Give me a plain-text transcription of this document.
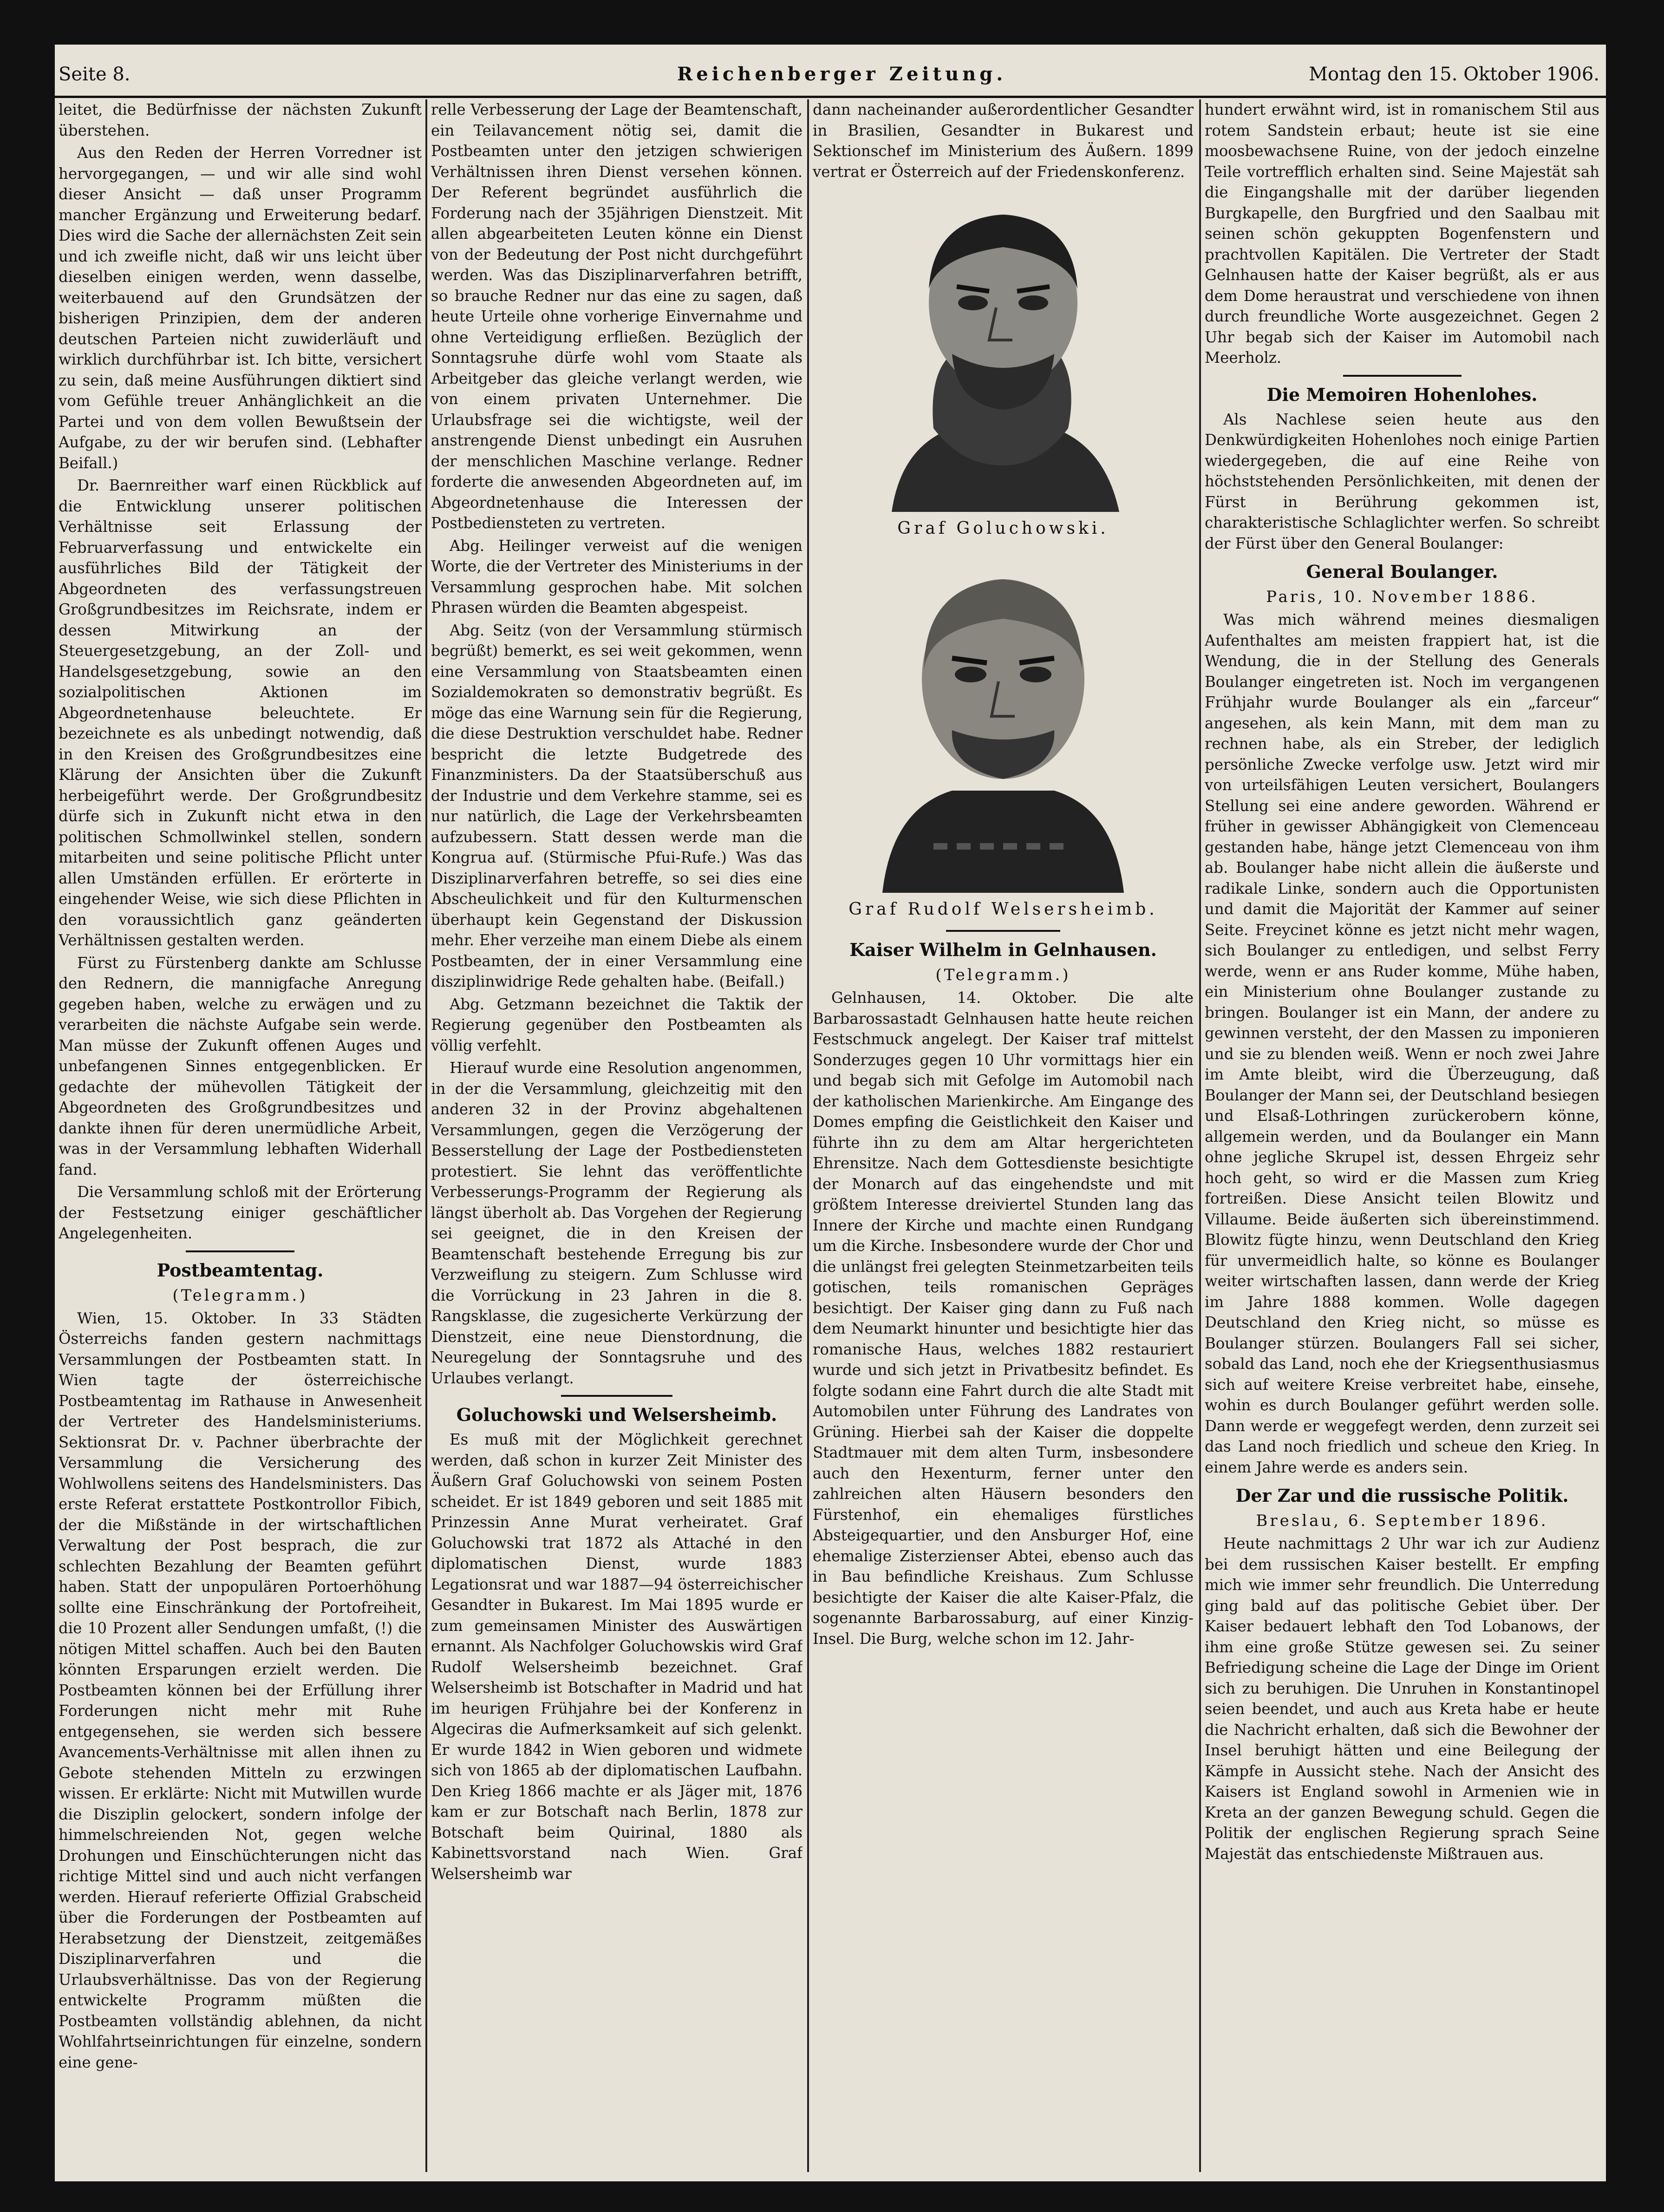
Seite 8.	Reichenberger Zeitung.	Montag den 15. Oktober 1906.

leitet, die Bedürfnisse der nächsten Zukunft überstehen.

Aus den Reden der Herren Vorredner ist hervorgegangen, — und wir alle sind wohl dieser Ansicht — daß unser Programm mancher Ergänzung und Erweiterung bedarf. Dies wird die Sache der allernächsten Zeit sein und ich zweifle nicht, daß wir uns leicht über dieselben einigen werden, wenn dasselbe, weiterbauend auf den Grundsätzen der bisherigen Prinzipien, dem der anderen deutschen Parteien nicht zuwiderläuft und wirklich durchführbar ist. Ich bitte, versichert zu sein, daß meine Ausführungen diktiert sind vom Gefühle treuer Anhänglichkeit an die Partei und von dem vollen Bewußtsein der Aufgabe, zu der wir berufen sind. (Lebhafter Beifall.)

Dr. Baernreither warf einen Rückblick auf die Entwicklung unserer politischen Verhältnisse seit Erlassung der Februarverfassung und entwickelte ein ausführliches Bild der Tätigkeit der Abgeordneten des verfassungstreuen Großgrundbesitzes im Reichsrate, indem er dessen Mitwirkung an der Steuergesetzgebung, an der Zoll- und Handelsgesetzgebung, sowie an den sozialpolitischen Aktionen im Abgeordnetenhause beleuchtete. Er bezeichnete es als unbedingt notwendig, daß in den Kreisen des Großgrundbesitzes eine Klärung der Ansichten über die Zukunft herbeigeführt werde. Der Großgrundbesitz dürfe sich in Zukunft nicht etwa in den politischen Schmollwinkel stellen, sondern mitarbeiten und seine politische Pflicht unter allen Umständen erfüllen. Er erörterte in eingehender Weise, wie sich diese Pflichten in den voraussichtlich ganz geänderten Verhältnissen gestalten werden.

Fürst zu Fürstenberg dankte am Schlusse den Rednern, die mannigfache Anregung gegeben haben, welche zu erwägen und zu verarbeiten die nächste Aufgabe sein werde. Man müsse der Zukunft offenen Auges und unbefangenen Sinnes entgegenblicken. Er gedachte der mühevollen Tätigkeit der Abgeordneten des Großgrundbesitzes und dankte ihnen für deren unermüdliche Arbeit, was in der Versammlung lebhaften Widerhall fand.

Die Versammlung schloß mit der Erörterung der Festsetzung einiger geschäftlicher Angelegenheiten.

Postbeamtentag.
(Telegramm.)

Wien, 15. Oktober. In 33 Städten Österreichs fanden gestern nachmittags Versammlungen der Postbeamten statt. In Wien tagte der österreichische Postbeamtentag im Rathause in Anwesenheit der Vertreter des Handelsministeriums. Sektionsrat Dr. v. Pachner überbrachte der Versammlung die Versicherung des Wohlwollens seitens des Handelsministers. Das erste Referat erstattete Postkontrollor Fibich, der die Mißstände in der wirtschaftlichen Verwaltung der Post besprach, die zur schlechten Bezahlung der Beamten geführt haben. Statt der unpopulären Portoerhöhung sollte eine Einschränkung der Portofreiheit, die 10 Prozent aller Sendungen umfaßt, (!) die nötigen Mittel schaffen. Auch bei den Bauten könnten Ersparungen erzielt werden. Die Postbeamten können bei der Erfüllung ihrer Forderungen nicht mehr mit Ruhe entgegensehen, sie werden sich bessere Avancements-Verhältnisse mit allen ihnen zu Gebote stehenden Mitteln zu erzwingen wissen. Er erklärte: Nicht mit Mutwillen wurde die Disziplin gelockert, sondern infolge der himmelschreienden Not, gegen welche Drohungen und Einschüchterungen nicht das richtige Mittel sind und auch nicht verfangen werden. Hierauf referierte Offizial Grabscheid über die Forderungen der Postbeamten auf Herabsetzung der Dienstzeit, zeitgemäßes Disziplinarverfahren und die Urlaubsverhältnisse. Das von der Regierung entwickelte Programm müßten die Postbeamten vollständig ablehnen, da nicht Wohlfahrtseinrichtungen für einzelne, sondern eine gene-

relle Verbesserung der Lage der Beamtenschaft, ein Teilavancement nötig sei, damit die Postbeamten unter den jetzigen schwierigen Verhältnissen ihren Dienst versehen können. Der Referent begründet ausführlich die Forderung nach der 35jährigen Dienstzeit. Mit allen abgearbeiteten Leuten könne ein Dienst von der Bedeutung der Post nicht durchgeführt werden. Was das Disziplinarverfahren betrifft, so brauche Redner nur das eine zu sagen, daß heute Urteile ohne vorherige Einvernahme und ohne Verteidigung erfließen. Bezüglich der Sonntagsruhe dürfe wohl vom Staate als Arbeitgeber das gleiche verlangt werden, wie von einem privaten Unternehmer. Die Urlaubsfrage sei die wichtigste, weil der anstrengende Dienst unbedingt ein Ausruhen der menschlichen Maschine verlange. Redner forderte die anwesenden Abgeordneten auf, im Abgeordnetenhause die Interessen der Postbediensteten zu vertreten.

Abg. Heilinger verweist auf die wenigen Worte, die der Vertreter des Ministeriums in der Versammlung gesprochen habe. Mit solchen Phrasen würden die Beamten abgespeist.

Abg. Seitz (von der Versammlung stürmisch begrüßt) bemerkt, es sei weit gekommen, wenn eine Versammlung von Staatsbeamten einen Sozialdemokraten so demonstrativ begrüßt. Es möge das eine Warnung sein für die Regierung, die diese Destruktion verschuldet habe. Redner bespricht die letzte Budgetrede des Finanzministers. Da der Staatsüberschuß aus der Industrie und dem Verkehre stamme, sei es nur natürlich, die Lage der Verkehrsbeamten aufzubessern. Statt dessen werde man die Kongrua auf. (Stürmische Pfui-Rufe.) Was das Disziplinarverfahren betreffe, so sei dies eine Abscheulichkeit und für den Kulturmenschen überhaupt kein Gegenstand der Diskussion mehr. Eher verzeihe man einem Diebe als einem Postbeamten, der in einer Versammlung eine disziplinwidrige Rede gehalten habe. (Beifall.)

Abg. Getzmann bezeichnet die Taktik der Regierung gegenüber den Postbeamten als völlig verfehlt.

Hierauf wurde eine Resolution angenommen, in der die Versammlung, gleichzeitig mit den anderen 32 in der Provinz abgehaltenen Versammlungen, gegen die Verzögerung der Besserstellung der Lage der Postbediensteten protestiert. Sie lehnt das veröffentlichte Verbesserungs-Programm der Regierung als längst überholt ab. Das Vorgehen der Regierung sei geeignet, die in den Kreisen der Beamtenschaft bestehende Erregung bis zur Verzweiflung zu steigern. Zum Schlusse wird die Vorrückung in 23 Jahren in die 8. Rangsklasse, die zugesicherte Verkürzung der Dienstzeit, eine neue Dienstordnung, die Neuregelung der Sonntagsruhe und des Urlaubes verlangt.

Goluchowski und Welsersheimb.

Es muß mit der Möglichkeit gerechnet werden, daß schon in kurzer Zeit Minister des Äußern Graf Goluchowski von seinem Posten scheidet. Er ist 1849 geboren und seit 1885 mit Prinzessin Anne Murat verheiratet. Graf Goluchowski trat 1872 als Attaché in den diplomatischen Dienst, wurde 1883 Legationsrat und war 1887—94 österreichischer Gesandter in Bukarest. Im Mai 1895 wurde er zum gemeinsamen Minister des Auswärtigen ernannt. Als Nachfolger Goluchowskis wird Graf Rudolf Welsersheimb bezeichnet. Graf Welsersheimb ist Botschafter in Madrid und hat im heurigen Frühjahre bei der Konferenz in Algeciras die Aufmerksamkeit auf sich gelenkt. Er wurde 1842 in Wien geboren und widmete sich von 1865 ab der diplomatischen Laufbahn. Den Krieg 1866 machte er als Jäger mit, 1876 kam er zur Botschaft nach Berlin, 1878 zur Botschaft beim Quirinal, 1880 als Kabinettsvorstand nach Wien. Graf Welsersheimb war

dann nacheinander außerordentlicher Gesandter in Brasilien, Gesandter in Bukarest und Sektionschef im Ministerium des Äußern. 1899 vertrat er Österreich auf der Friedenskonferenz.

Graf Goluchowski.
Graf Rudolf Welsersheimb.
Kaiser Wilhelm in Gelnhausen.
(Telegramm.)

Gelnhausen, 14. Oktober. Die alte Barbarossastadt Gelnhausen hatte heute reichen Festschmuck angelegt. Der Kaiser traf mittelst Sonderzuges gegen 10 Uhr vormittags hier ein und begab sich mit Gefolge im Automobil nach der katholischen Marienkirche. Am Eingange des Domes empfing die Geistlichkeit den Kaiser und führte ihn zu dem am Altar hergerichteten Ehrensitze. Nach dem Gottesdienste besichtigte der Monarch auf das eingehendste und mit größtem Interesse dreiviertel Stunden lang das Innere der Kirche und machte einen Rundgang um die Kirche. Insbesondere wurde der Chor und die unlängst frei gelegten Steinmetzarbeiten teils gotischen, teils romanischen Gepräges besichtigt. Der Kaiser ging dann zu Fuß nach dem Neumarkt hinunter und besichtigte hier das romanische Haus, welches 1882 restauriert wurde und sich jetzt in Privatbesitz befindet. Es folgte sodann eine Fahrt durch die alte Stadt mit Automobilen unter Führung des Landrates von Grüning. Hierbei sah der Kaiser die doppelte Stadtmauer mit dem alten Turm, insbesondere auch den Hexenturm, ferner unter den zahlreichen alten Häusern besonders den Fürstenhof, ein ehemaliges fürstliches Absteigequartier, und den Ansburger Hof, eine ehemalige Zisterzienser Abtei, ebenso auch das in Bau befindliche Kreishaus. Zum Schlusse besichtigte der Kaiser die alte Kaiser-Pfalz, die sogenannte Barbarossaburg, auf einer Kinzig-Insel. Die Burg, welche schon im 12. Jahr-

hundert erwähnt wird, ist in romanischem Stil aus rotem Sandstein erbaut; heute ist sie eine moosbewachsene Ruine, von der jedoch einzelne Teile vortrefflich erhalten sind. Seine Majestät sah die Eingangshalle mit der darüber liegenden Burgkapelle, den Burgfried und den Saalbau mit seinen schön gekuppten Bogenfenstern und prachtvollen Kapitälen. Die Vertreter der Stadt Gelnhausen hatte der Kaiser begrüßt, als er aus dem Dome heraustrat und verschiedene von ihnen durch freundliche Worte ausgezeichnet. Gegen 2 Uhr begab sich der Kaiser im Automobil nach Meerholz.

Die Memoiren Hohenlohes.

Als Nachlese seien heute aus den Denkwürdigkeiten Hohenlohes noch einige Partien wiedergegeben, die auf eine Reihe von höchststehenden Persönlichkeiten, mit denen der Fürst in Berührung gekommen ist, charakteristische Schlaglichter werfen. So schreibt der Fürst über den General Boulanger:

General Boulanger.
Paris, 10. November 1886.

Was mich während meines diesmaligen Aufenthaltes am meisten frappiert hat, ist die Wendung, die in der Stellung des Generals Boulanger eingetreten ist. Noch im vergangenen Frühjahr wurde Boulanger als ein „farceur“ angesehen, als kein Mann, mit dem man zu rechnen habe, als ein Streber, der lediglich persönliche Zwecke verfolge usw. Jetzt wird mir von urteilsfähigen Leuten versichert, Boulangers Stellung sei eine andere geworden. Während er früher in gewisser Abhängigkeit von Clemenceau gestanden habe, hänge jetzt Clemenceau von ihm ab. Boulanger habe nicht allein die äußerste und radikale Linke, sondern auch die Opportunisten und damit die Majorität der Kammer auf seiner Seite. Freycinet könne es jetzt nicht mehr wagen, sich Boulanger zu entledigen, und selbst Ferry werde, wenn er ans Ruder komme, Mühe haben, ein Ministerium ohne Boulanger zustande zu bringen. Boulanger ist ein Mann, der andere zu gewinnen versteht, der den Massen zu imponieren und sie zu blenden weiß. Wenn er noch zwei Jahre im Amte bleibt, wird die Überzeugung, daß Boulanger der Mann sei, der Deutschland besiegen und Elsaß-Lothringen zurückerobern könne, allgemein werden, und da Boulanger ein Mann ohne jegliche Skrupel ist, dessen Ehrgeiz sehr hoch geht, so wird er die Massen zum Krieg fortreißen. Diese Ansicht teilen Blowitz und Villaume. Beide äußerten sich übereinstimmend. Blowitz fügte hinzu, wenn Deutschland den Krieg für unvermeidlich halte, so könne es Boulanger weiter wirtschaften lassen, dann werde der Krieg im Jahre 1888 kommen. Wolle dagegen Deutschland den Krieg nicht, so müsse es Boulanger stürzen. Boulangers Fall sei sicher, sobald das Land, noch ehe der Kriegsenthusiasmus sich auf weitere Kreise verbreitet habe, einsehe, wohin es durch Boulanger geführt werden solle. Dann werde er weggefegt werden, denn zurzeit sei das Land noch friedlich und scheue den Krieg. In einem Jahre werde es anders sein.

Der Zar und die russische Politik.
Breslau, 6. September 1896.

Heute nachmittags 2 Uhr war ich zur Audienz bei dem russischen Kaiser bestellt. Er empfing mich wie immer sehr freundlich. Die Unterredung ging bald auf das politische Gebiet über. Der Kaiser bedauert lebhaft den Tod Lobanows, der ihm eine große Stütze gewesen sei. Zu seiner Befriedigung scheine die Lage der Dinge im Orient sich zu beruhigen. Die Unruhen in Konstantinopel seien beendet, und auch aus Kreta habe er heute die Nachricht erhalten, daß sich die Bewohner der Insel beruhigt hätten und eine Beilegung der Kämpfe in Aussicht stehe. Nach der Ansicht des Kaisers ist England sowohl in Armenien wie in Kreta an der ganzen Bewegung schuld. Gegen die Politik der englischen Regierung sprach Seine Majestät das entschiedenste Mißtrauen aus.
